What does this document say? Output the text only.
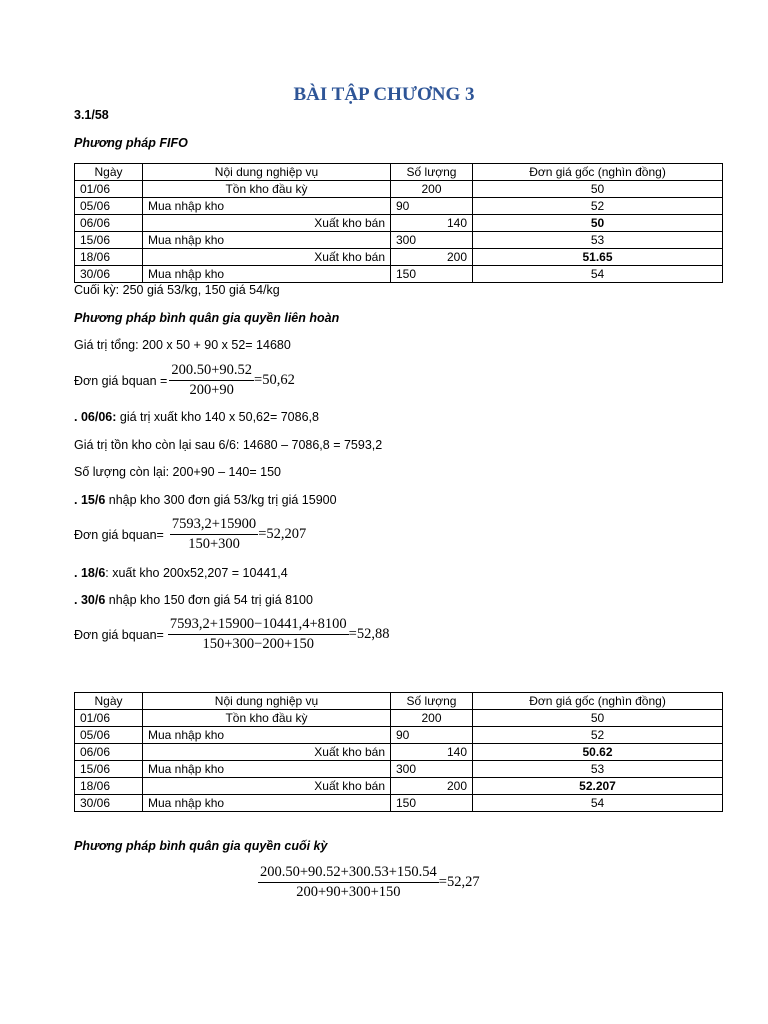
BÀI TẬP CHƯƠNG 3
3.1/58
Phương pháp FIFO
Ngày	Nội dung nghiệp vụ	Số lượng	Đơn giá gốc (nghìn đồng)
01/06	Tồn kho đầu kỳ	200	50
05/06	Mua nhập kho	90	52
06/06	Xuất kho bán	140	50
15/06	Mua nhập kho	300	53
18/06	Xuất kho bán	200	51.65
30/06	Mua nhập kho	150	54
Cuối kỳ: 250 giá 53/kg, 150 giá 54/kg
Phương pháp bình quân gia quyền liên hoàn
Giá trị tổng: 200 x 50 + 90 x 52= 14680
Đơn giá bquan = $\frac{200.50+90.52}{200+90} =50,62$
. 06/06: giá trị xuất kho 140 x 50,62= 7086,8
Giá trị tồn kho còn lại sau 6/6: 14680 – 7086,8 = 7593,2
Số lượng còn lại: 200+90 – 140= 150
. 15/6 nhập kho 300 đơn giá 53/kg trị giá 15900
Đơn giá bquan= $\frac{7593,2+15900}{150+300} =52,207$
. 18/6: xuất kho 200x52,207 = 10441,4
. 30/6 nhập kho 150 đơn giá 54 trị giá 8100
Đơn giá bquan= $\frac{7593,2+15900-10441,4+8100}{150+300-200+150} =52,88$
Ngày	Nội dung nghiệp vụ	Số lượng	Đơn giá gốc (nghìn đồng)
01/06	Tồn kho đầu kỳ	200	50
05/06	Mua nhập kho	90	52
06/06	Xuất kho bán	140	50.62
15/06	Mua nhập kho	300	53
18/06	Xuất kho bán	200	52.207
30/06	Mua nhập kho	150	54
Phương pháp bình quân gia quyền cuối kỳ
$\frac{200.50+90.52+300.53+150.54}{200+90+300+150} =52,27$
